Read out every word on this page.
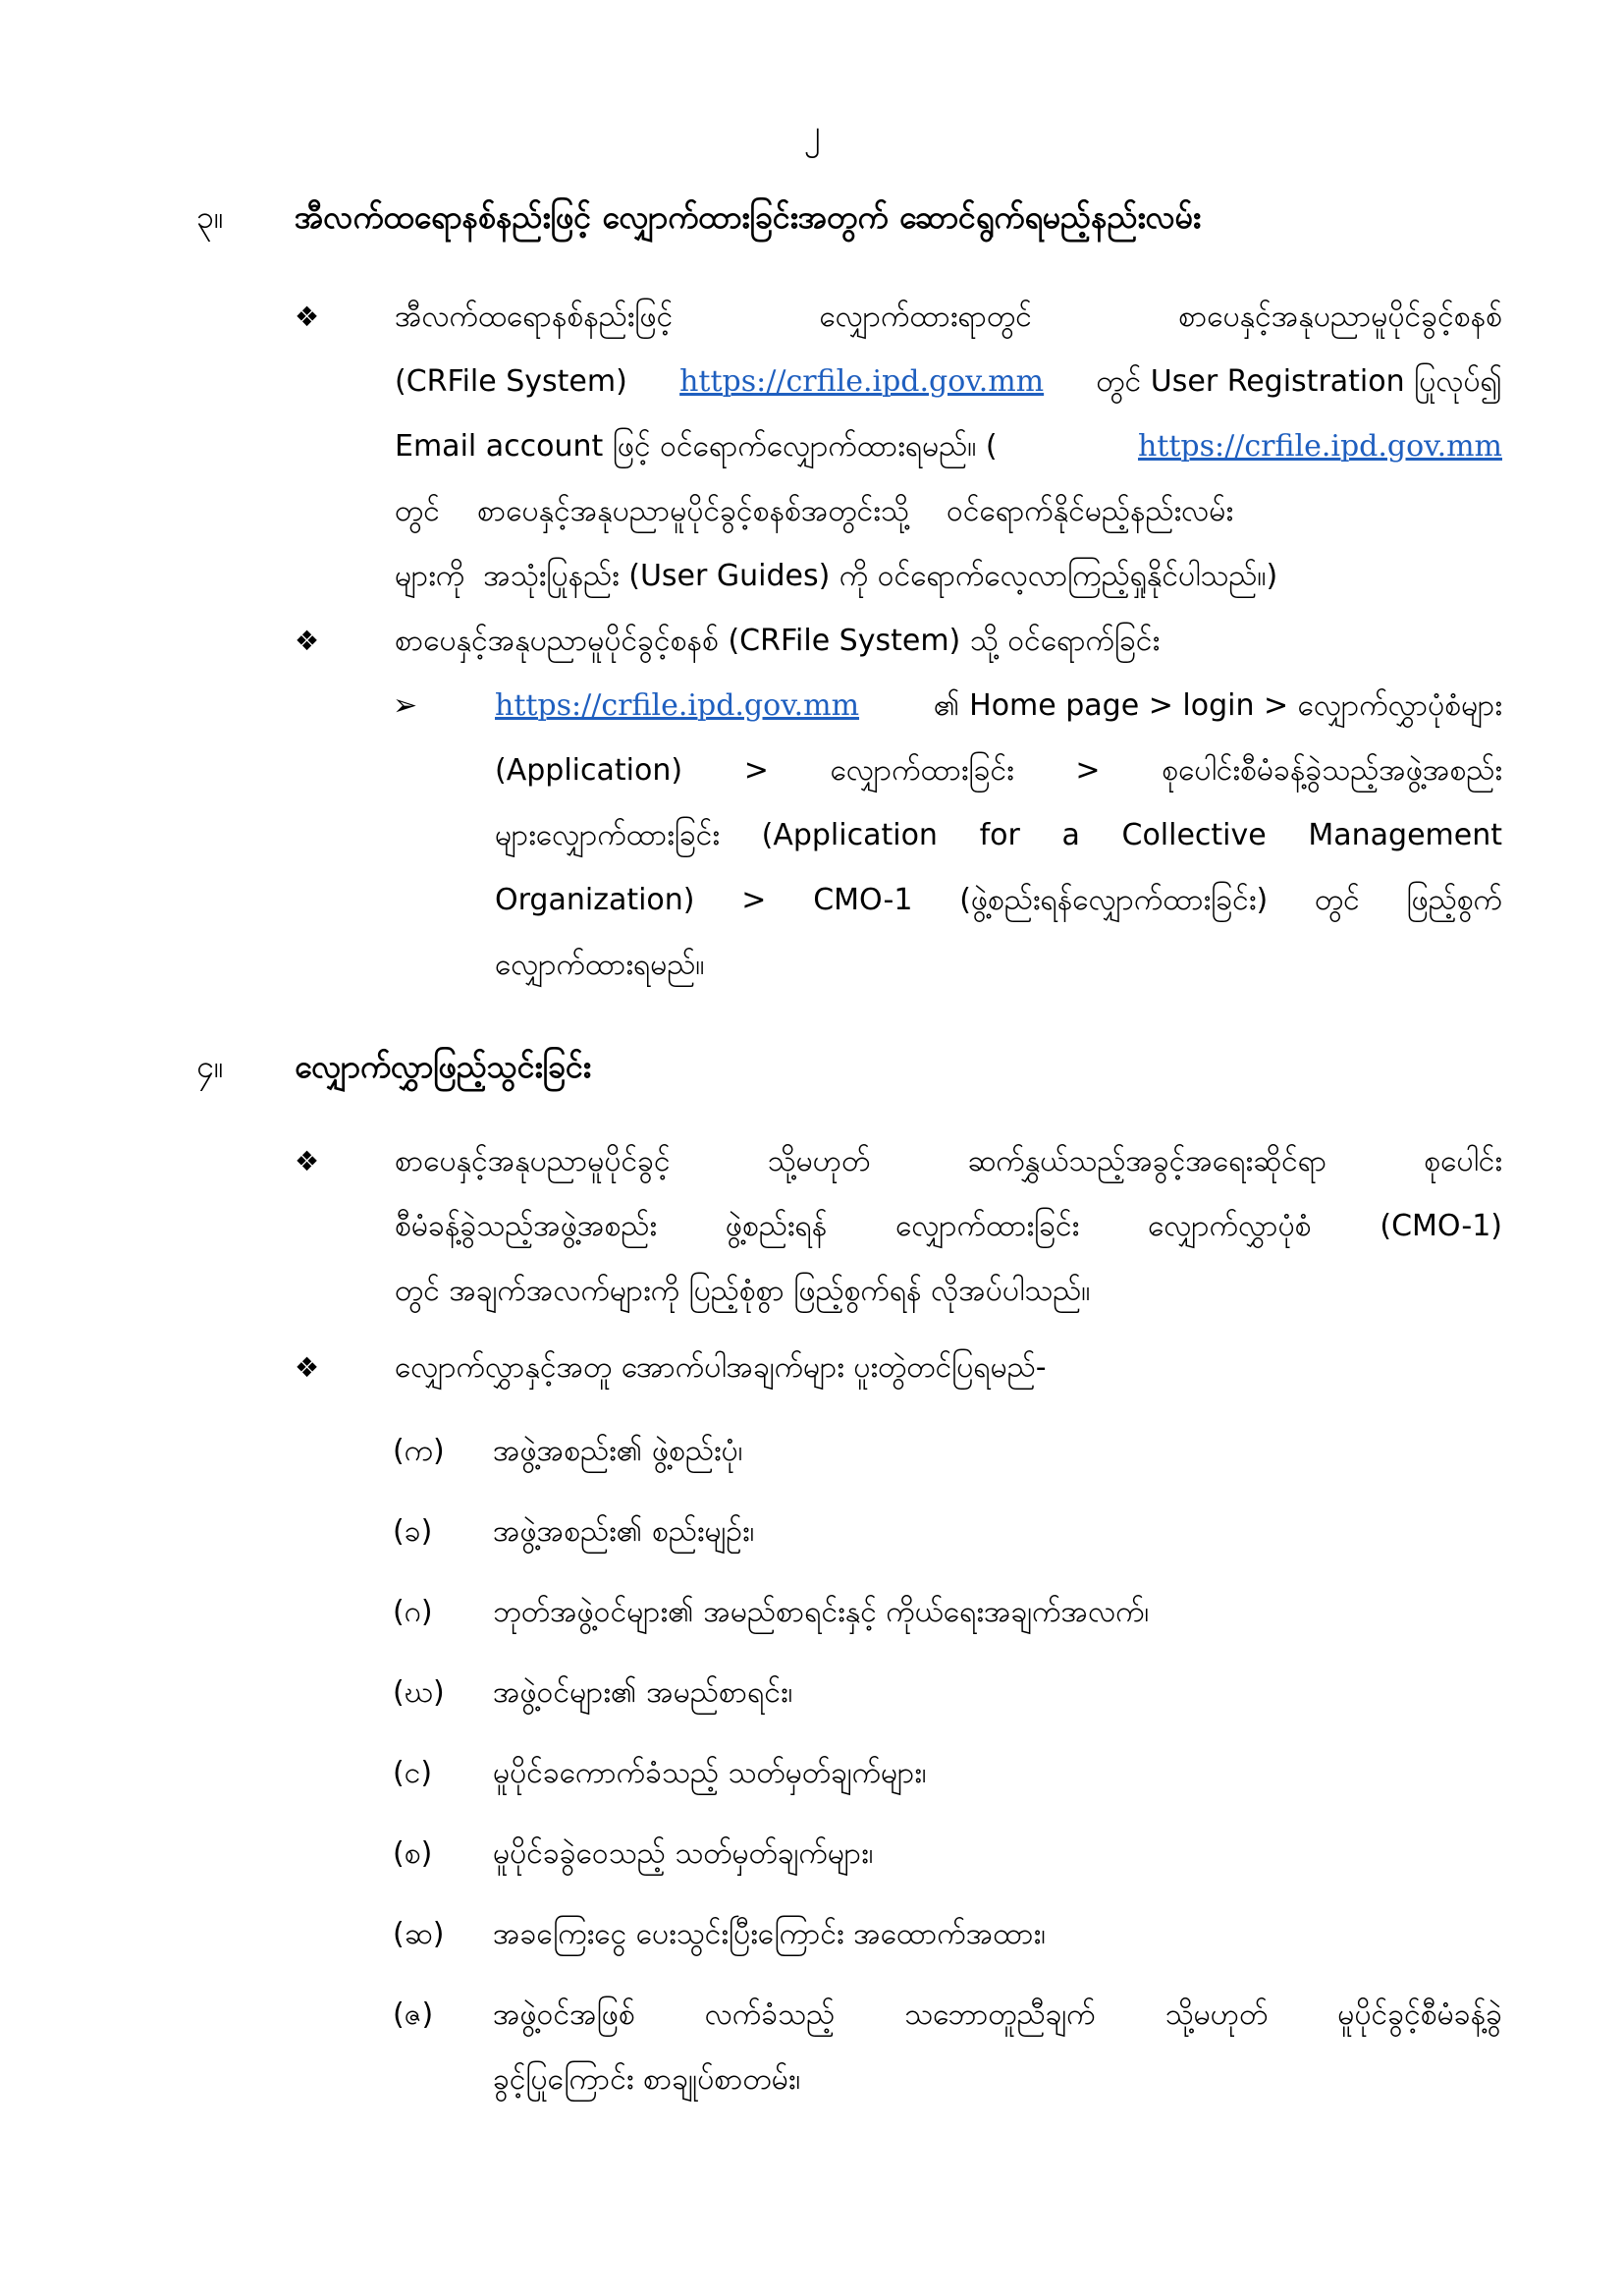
၂
၃။ အီလက်ထရောနစ်နည်းဖြင့် လျှောက်ထားခြင်းအတွက် ဆောင်ရွက်ရမည့်နည်းလမ်း
❖	အီလက်ထရောနစ်နည်းဖြင့် လျှောက်ထားရာတွင် စာပေနှင့်အနုပညာမူပိုင်ခွင့်စနစ်
(CRFile System) https://crfile.ipd.gov.mm တွင် User Registration ပြုလုပ်၍
Email account ဖြင့် ဝင်ရောက်လျှောက်ထားရမည်။ (	https://crfile.ipd.gov.mm
တွင်    စာပေနှင့်အနုပညာမူပိုင်ခွင့်စနစ်အတွင်းသို့    ဝင်ရောက်နိုင်မည့်နည်းလမ်း
များကို  အသုံးပြုနည်း (User Guides) ကို ဝင်ရောက်လေ့လာကြည့်ရှုနိုင်ပါသည်။)
❖	စာပေနှင့်အနုပညာမူပိုင်ခွင့်စနစ် (CRFile System) သို့ ဝင်ရောက်ခြင်း
➢	https://crfile.ipd.gov.mm	၏ Home page > login > လျှောက်လွှာပုံစံများ
(Application) > လျှောက်ထားခြင်း > စုပေါင်းစီမံခန့်ခွဲသည့်အဖွဲ့အစည်း
များလျှောက်ထားခြင်း (Application for a Collective Management
Organization) > CMO-1 (ဖွဲ့စည်းရန်လျှောက်ထားခြင်း) တွင် ဖြည့်စွက်
လျှောက်ထားရမည်။
၄။ လျှောက်လွှာဖြည့်သွင်းခြင်း
❖	စာပေနှင့်အနုပညာမူပိုင်ခွင့် သို့မဟုတ် ဆက်နွှယ်သည့်အခွင့်အရေးဆိုင်ရာ စုပေါင်း
စီမံခန့်ခွဲသည့်အဖွဲ့အစည်း ဖွဲ့စည်းရန် လျှောက်ထားခြင်း လျှောက်လွှာပုံစံ (CMO-1)
တွင် အချက်အလက်များကို ပြည့်စုံစွာ ဖြည့်စွက်ရန် လိုအပ်ပါသည်။
❖	လျှောက်လွှာနှင့်အတူ အောက်ပါအချက်များ ပူးတွဲတင်ပြရမည်-
(က)	အဖွဲ့အစည်း၏ ဖွဲ့စည်းပုံ၊
(ခ)	အဖွဲ့အစည်း၏ စည်းမျဉ်း၊
(ဂ)	ဘုတ်အဖွဲ့ဝင်များ၏ အမည်စာရင်းနှင့် ကိုယ်ရေးအချက်အလက်၊
(ဃ)	အဖွဲ့ဝင်များ၏ အမည်စာရင်း၊
(င)	မူပိုင်ခကောက်ခံသည့် သတ်မှတ်ချက်များ၊
(စ)	မူပိုင်ခခွဲဝေသည့် သတ်မှတ်ချက်များ၊
(ဆ)	အခကြေးငွေ ပေးသွင်းပြီးကြောင်း အထောက်အထား၊
(ဇ)	အဖွဲ့ဝင်အဖြစ် လက်ခံသည့် သဘောတူညီချက် သို့မဟုတ် မူပိုင်ခွင့်စီမံခန့်ခွဲ
ခွင့်ပြုကြောင်း စာချုပ်စာတမ်း၊
